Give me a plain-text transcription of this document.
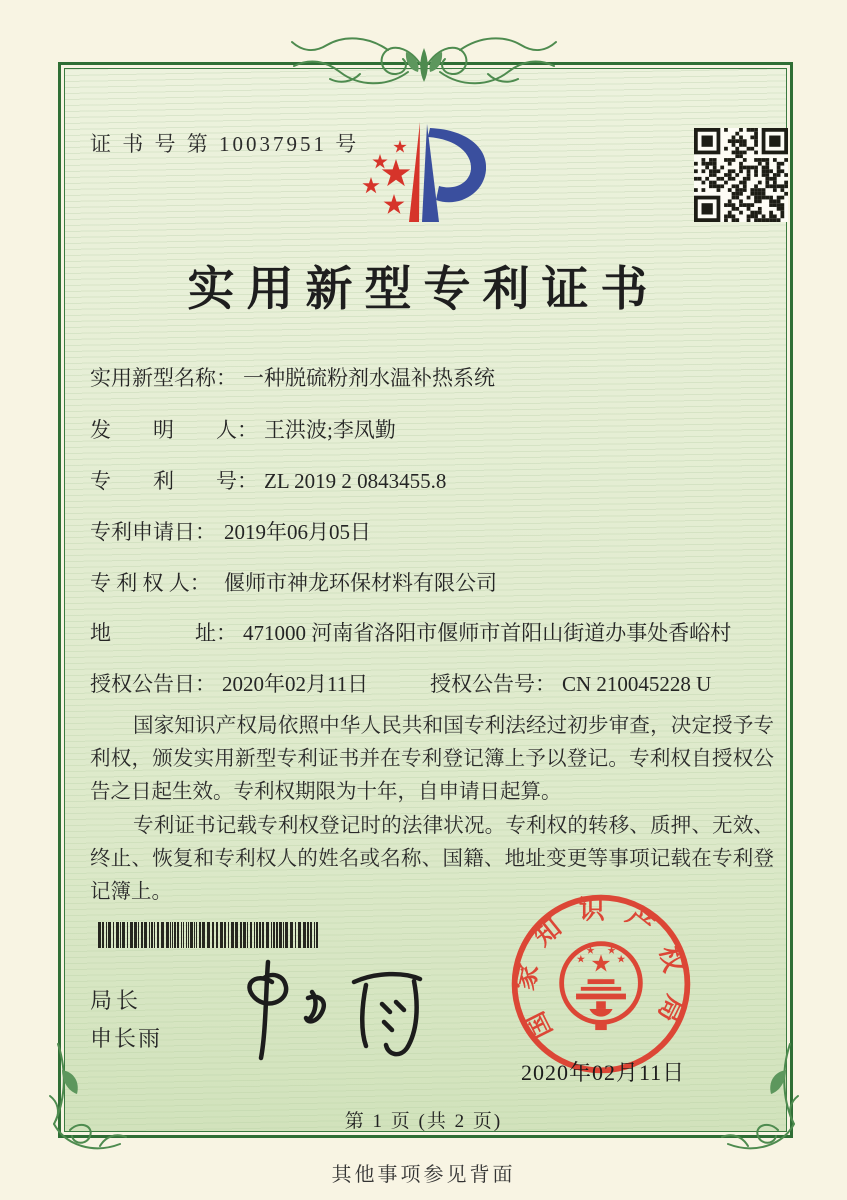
证 书 号 第 10037951 号
实用新型专利证书
实用新型名称： 一种脱硫粉剂水温补热系统
发　　明　　人： 王洪波;李凤勤
专　　利　　号： ZL 2019 2 0843455.8
专利申请日： 2019年06月05日
专 利 权 人： 偃师市神龙环保材料有限公司
地　　　　址： 471000 河南省洛阳市偃师市首阳山街道办事处香峪村
授权公告日： 2020年02月11日	授权公告号： CN 210045228 U

国家知识产权局依照中华人民共和国专利法经过初步审查，决定授予专利权，颁发实用新型专利证书并在专利登记簿上予以登记。专利权自授权公告之日起生效。专利权期限为十年，自申请日起算。

专利证书记载专利权登记时的法律状况。专利权的转移、质押、无效、终止、恢复和专利权人的姓名或名称、国籍、地址变更等事项记载在专利登记簿上。

局长
申长雨	国家知识产权局
2020年02月11日
第 1 页 (共 2 页)
其他事项参见背面
